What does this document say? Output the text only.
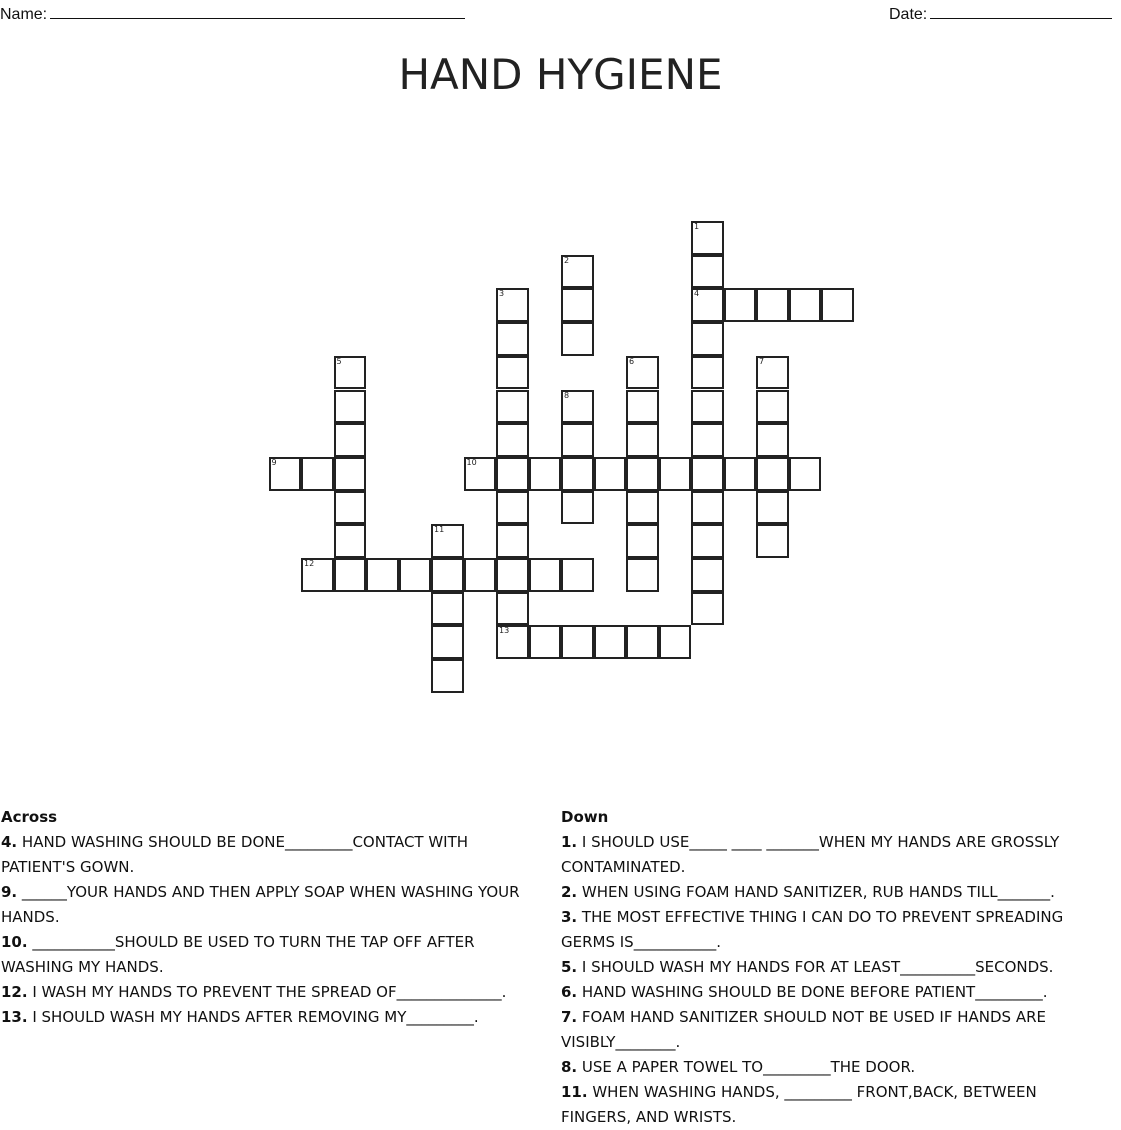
Name:	Date:
HAND HYGIENE
1
4
2
3
13
5	6	7
8
9	10
11
12
Across
4. HAND WASHING SHOULD BE DONE_________CONTACT WITH PATIENT'S GOWN.
9. ______YOUR HANDS AND THEN APPLY SOAP WHEN WASHING YOUR HANDS.
10. ___________SHOULD BE USED TO TURN THE TAP OFF AFTER WASHING MY HANDS.
12. I WASH MY HANDS TO PREVENT THE SPREAD OF______________.
13. I SHOULD WASH MY HANDS AFTER REMOVING MY_________.
Down
1. I SHOULD USE_____ ____ _______WHEN MY HANDS ARE GROSSLY CONTAMINATED.
2. WHEN USING FOAM HAND SANITIZER, RUB HANDS TILL_______.
3. THE MOST EFFECTIVE THING I CAN DO TO PREVENT SPREADING GERMS IS___________.
5. I SHOULD WASH MY HANDS FOR AT LEAST__________SECONDS.
6. HAND WASHING SHOULD BE DONE BEFORE PATIENT_________.
7. FOAM HAND SANITIZER SHOULD NOT BE USED IF HANDS ARE VISIBLY________.
8. USE A PAPER TOWEL TO_________THE DOOR.
11. WHEN WASHING HANDS, _________ FRONT,BACK, BETWEEN FINGERS, AND WRISTS.
